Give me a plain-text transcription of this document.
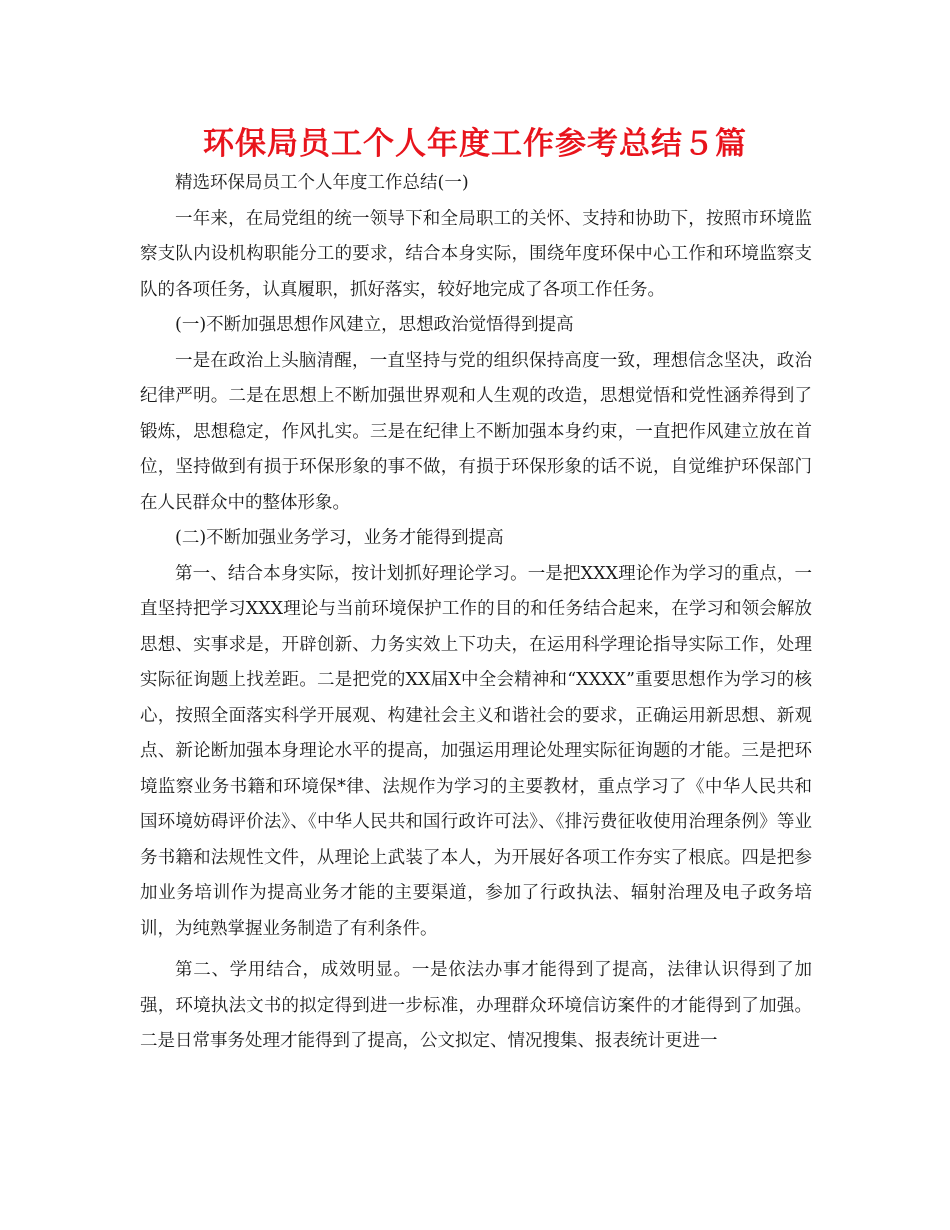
环保局员工个人年度工作参考总结５篇

精选环保局员工个人年度工作总结(一)

一年来，在局党组的统一领导下和全局职工的关怀、支持和协助下，按照市环境监察支队内设机构职能分工的要求，结合本身实际，围绕年度环保中心工作和环境监察支队的各项任务，认真履职，抓好落实，较好地完成了各项工作任务。

(一)不断加强思想作风建立，思想政治觉悟得到提高

一是在政治上头脑清醒，一直坚持与党的组织保持高度一致，理想信念坚决，政治纪律严明。二是在思想上不断加强世界观和人生观的改造，思想觉悟和党性涵养得到了锻炼，思想稳定，作风扎实。三是在纪律上不断加强本身约束，一直把作风建立放在首位，坚持做到有损于环保形象的事不做，有损于环保形象的话不说，自觉维护环保部门在人民群众中的整体形象。

(二)不断加强业务学习，业务才能得到提高

第一、结合本身实际，按计划抓好理论学习。一是把XXX理论作为学习的重点，一直坚持把学习XXX理论与当前环境保护工作的目的和任务结合起来，在学习和领会解放思想、实事求是，开辟创新、力务实效上下功夫，在运用科学理论指导实际工作，处理实际征询题上找差距。二是把党的XX届X中全会精神和“XXXX”重要思想作为学习的核心，按照全面落实科学开展观、构建社会主义和谐社会的要求，正确运用新思想、新观点、新论断加强本身理论水平的提高，加强运用理论处理实际征询题的才能。三是把环境监察业务书籍和环境保*律、法规作为学习的主要教材，重点学习了《中华人民共和国环境妨碍评价法》、《中华人民共和国行政许可法》、《排污费征收使用治理条例》等业务书籍和法规性文件，从理论上武装了本人，为开展好各项工作夯实了根底。四是把参加业务培训作为提高业务才能的主要渠道，参加了行政执法、辐射治理及电子政务培训，为纯熟掌握业务制造了有利条件。

第二、学用结合，成效明显。一是依法办事才能得到了提高，法律认识得到了加强，环境执法文书的拟定得到进一步标准，办理群众环境信访案件的才能得到了加强。二是日常事务处理才能得到了提高，公文拟定、情况搜集、报表统计更进一
